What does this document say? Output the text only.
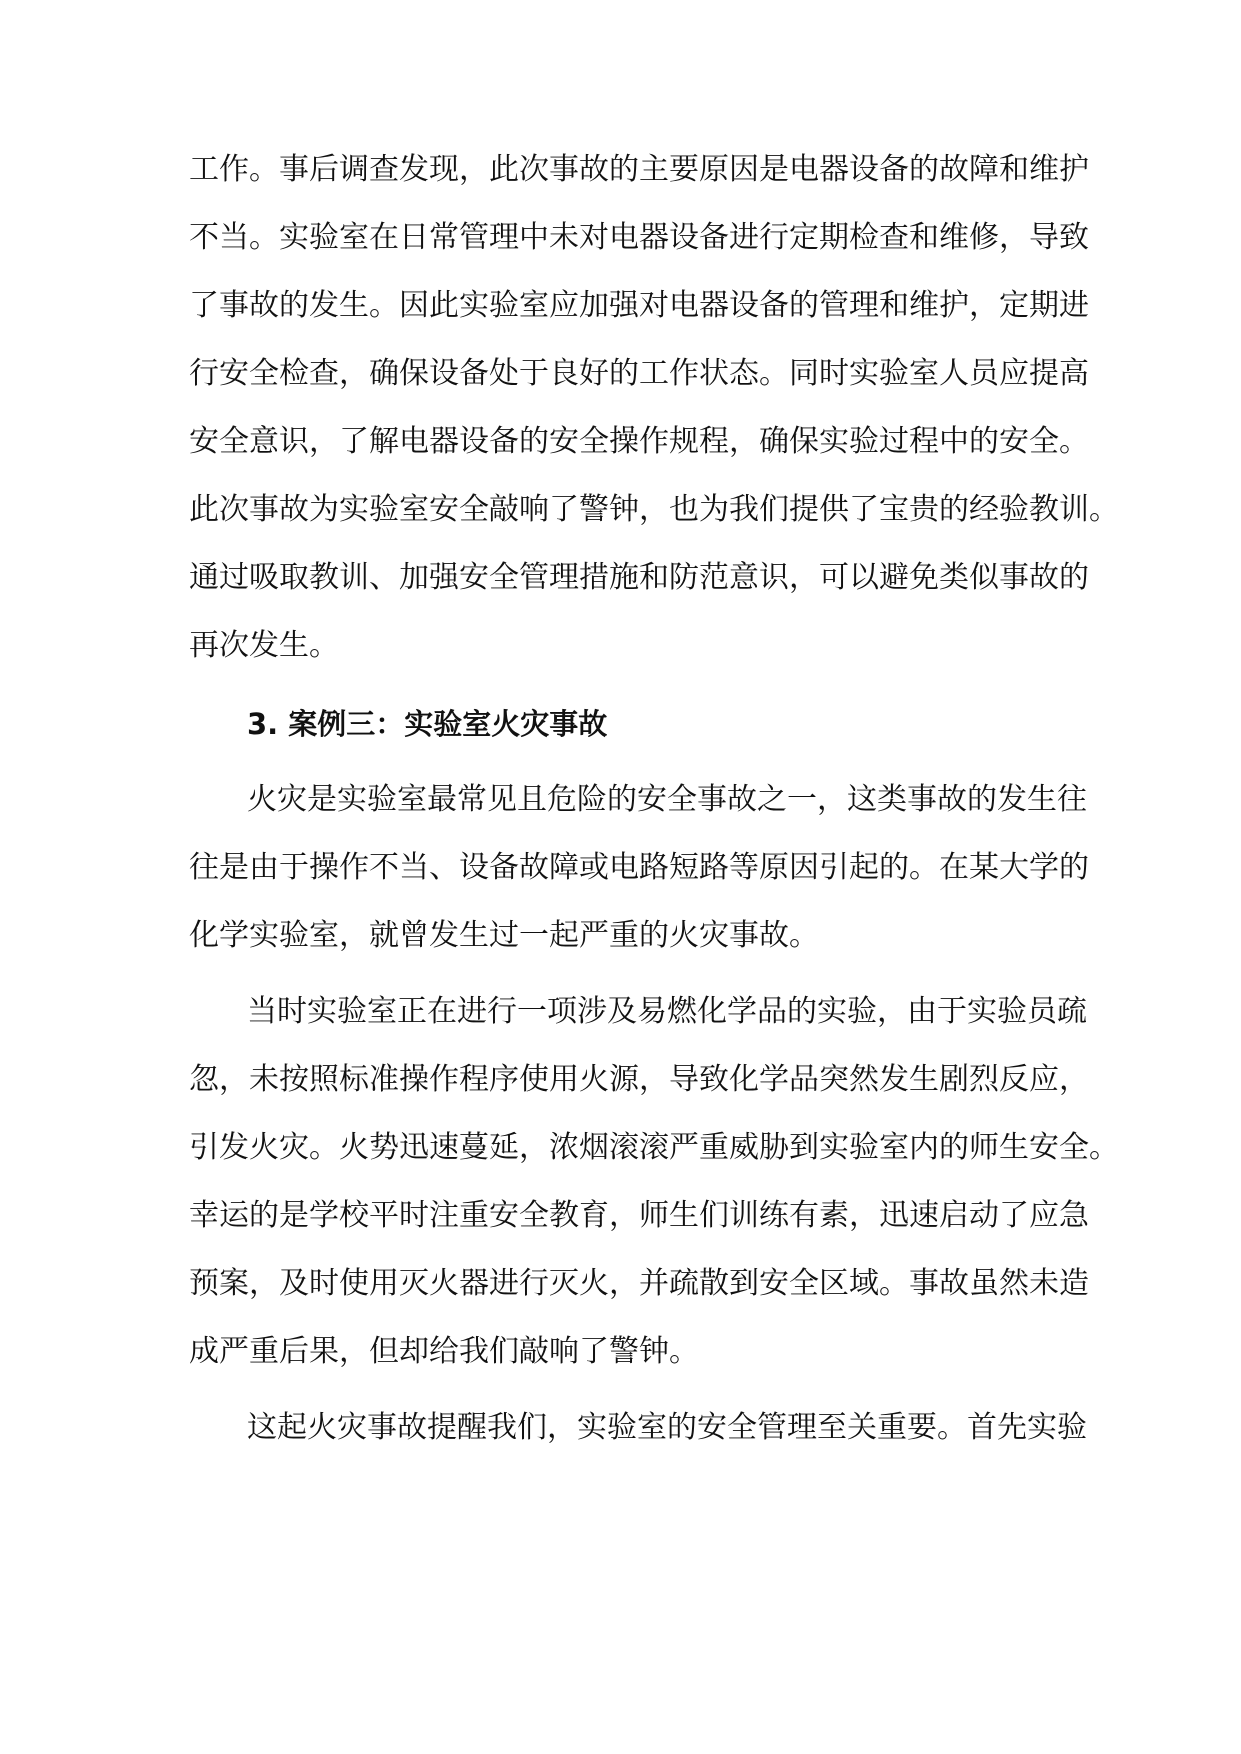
工作。事后调查发现，此次事故的主要原因是电器设备的故障和维护
不当。实验室在日常管理中未对电器设备进行定期检查和维修，导致
了事故的发生。因此实验室应加强对电器设备的管理和维护，定期进
行安全检查，确保设备处于良好的工作状态。同时实验室人员应提高
安全意识，了解电器设备的安全操作规程，确保实验过程中的安全。
此次事故为实验室安全敲响了警钟，也为我们提供了宝贵的经验教训。
通过吸取教训、加强安全管理措施和防范意识，可以避免类似事故的
再次发生。
3. 案例三：实验室火灾事故
火灾是实验室最常见且危险的安全事故之一，这类事故的发生往
往是由于操作不当、设备故障或电路短路等原因引起的。在某大学的
化学实验室，就曾发生过一起严重的火灾事故。
当时实验室正在进行一项涉及易燃化学品的实验，由于实验员疏
忽，未按照标准操作程序使用火源，导致化学品突然发生剧烈反应，
引发火灾。火势迅速蔓延，浓烟滚滚严重威胁到实验室内的师生安全。
幸运的是学校平时注重安全教育，师生们训练有素，迅速启动了应急
预案，及时使用灭火器进行灭火，并疏散到安全区域。事故虽然未造
成严重后果，但却给我们敲响了警钟。
这起火灾事故提醒我们，实验室的安全管理至关重要。首先实验
